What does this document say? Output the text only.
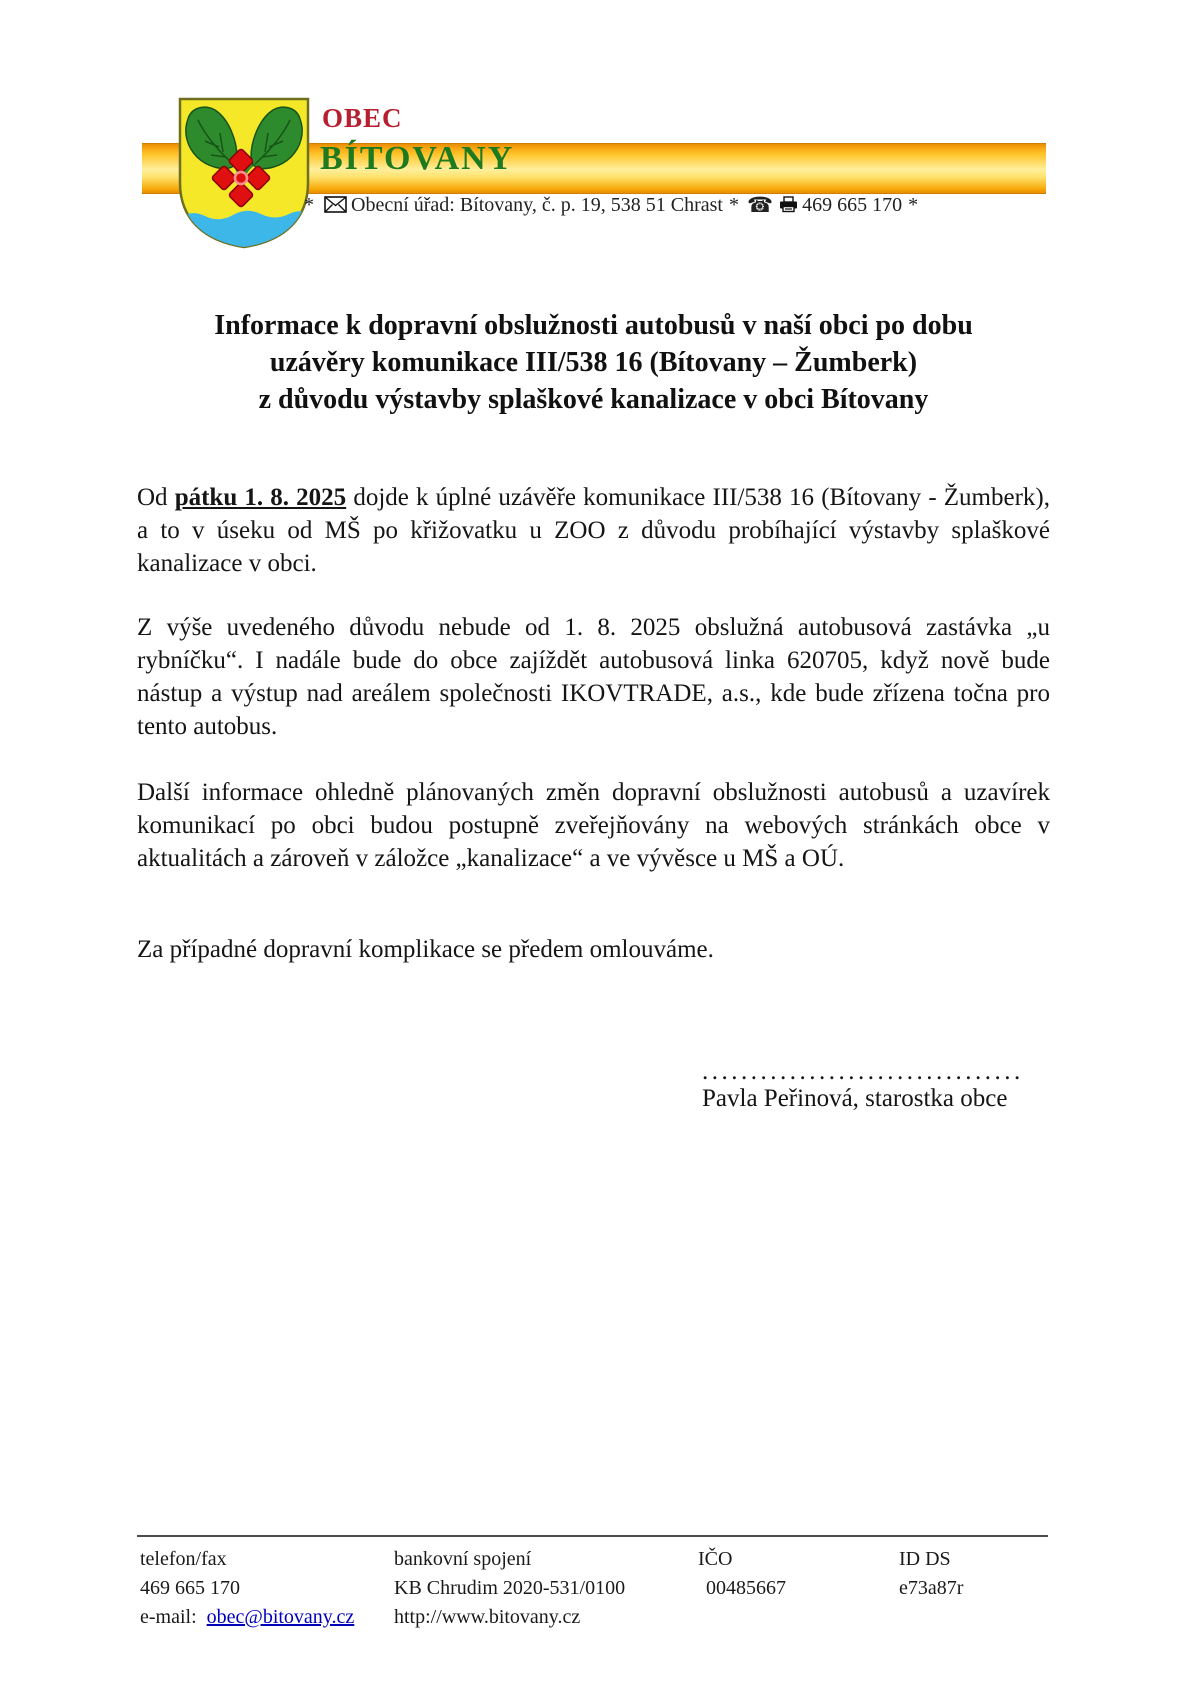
OBEC
BÍTOVANY
* Obecní úřad: Bítovany, č. p. 19, 538 51 Chrast * ☎ 469 665 170 *
Informace k dopravní obslužnosti autobusů v naší obci po dobu
uzávěry komunikace III/538 16 (Bítovany – Žumberk)
z důvodu výstavby splaškové kanalizace v obci Bítovany
Od pátku 1. 8. 2025 dojde k úplné uzávěře komunikace III/538 16 (Bítovany - Žumberk), a to v úseku od MŠ po křižovatku u ZOO z důvodu probíhající výstavby splaškové kanalizace v obci.
Z výše uvedeného důvodu nebude od 1. 8. 2025 obslužná autobusová zastávka „u rybníčku“. I nadále bude do obce zajíždět autobusová linka 620705, když nově bude nástup a výstup nad areálem společnosti IKOVTRADE, a.s., kde bude zřízena točna pro tento autobus.
Další informace ohledně plánovaných změn dopravní obslužnosti autobusů a uzavírek komunikací po obci budou postupně zveřejňovány na webových stránkách obce v aktualitách a zároveň v záložce „kanalizace“ a ve vývěsce u MŠ a OÚ.
Za případné dopravní komplikace se předem omlouváme.
.................................
Pavla Peřinová, starostka obce
telefon/fax
469 665 170
e-mail: obec@bitovany.cz
bankovní spojení
KB Chrudim 2020-531/0100
http://www.bitovany.cz
IČO
00485667
ID DS
e73a87r
